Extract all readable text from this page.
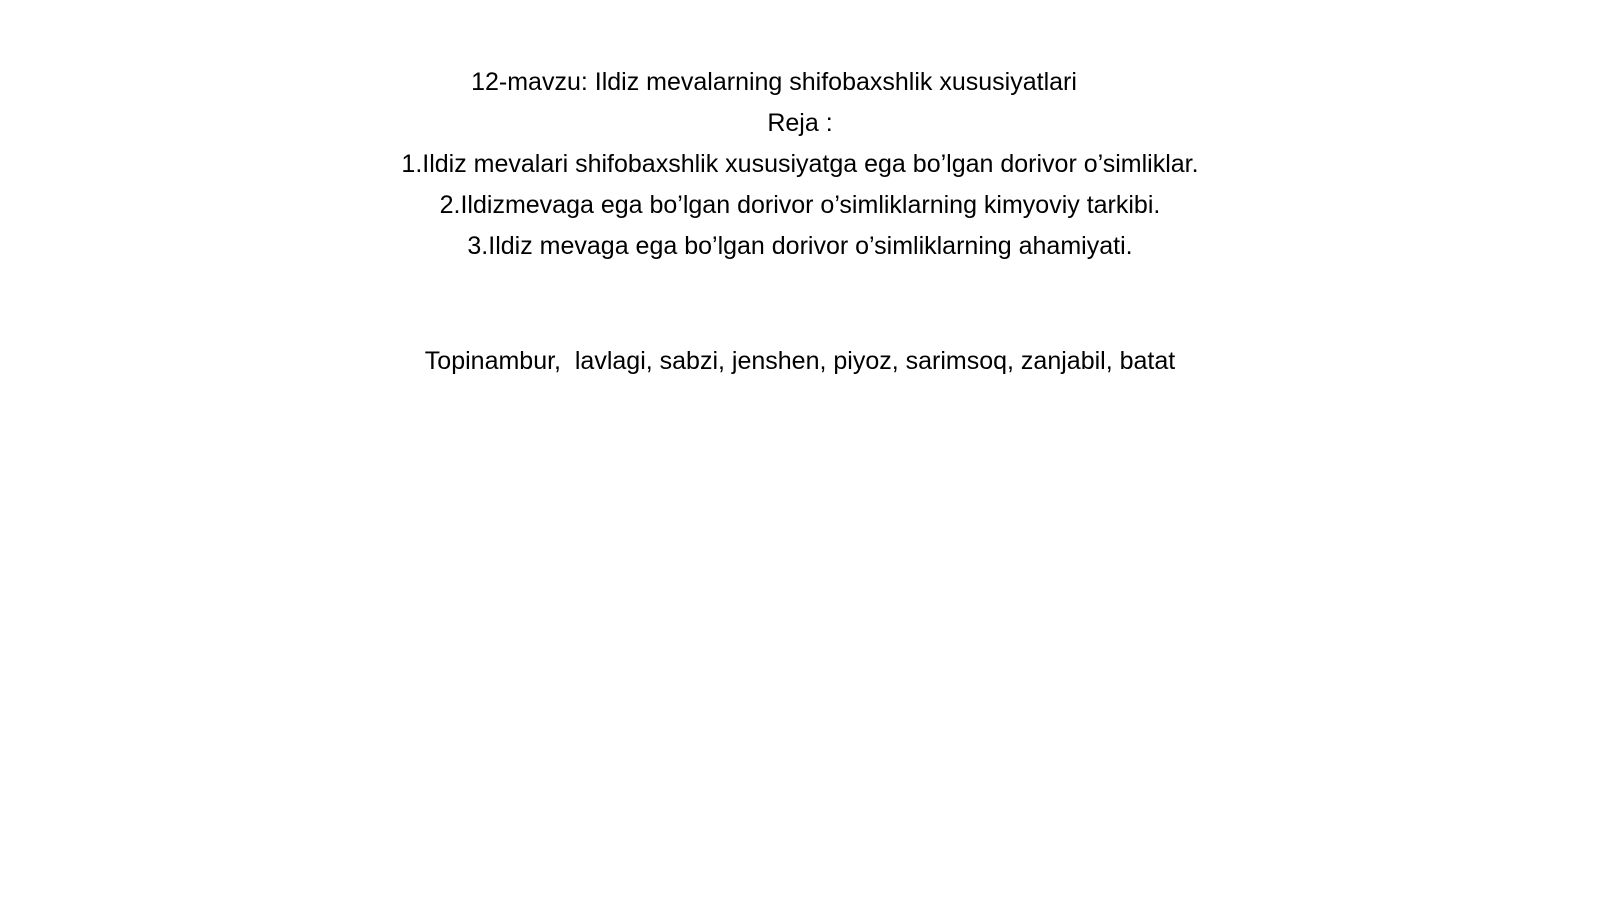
12-mavzu: Ildiz mevalarning shifobaxshlik xususiyatlari
Reja :
1.Ildiz mevalari shifobaxshlik xususiyatga ega bo’lgan dorivor o’simliklar.
2.Ildizmevaga ega bo’lgan dorivor o’simliklarning kimyoviy tarkibi.
3.Ildiz mevaga ega bo’lgan dorivor o’simliklarning ahamiyati.
Topinambur,  lavlagi, sabzi, jenshen, piyoz, sarimsoq, zanjabil, batat
